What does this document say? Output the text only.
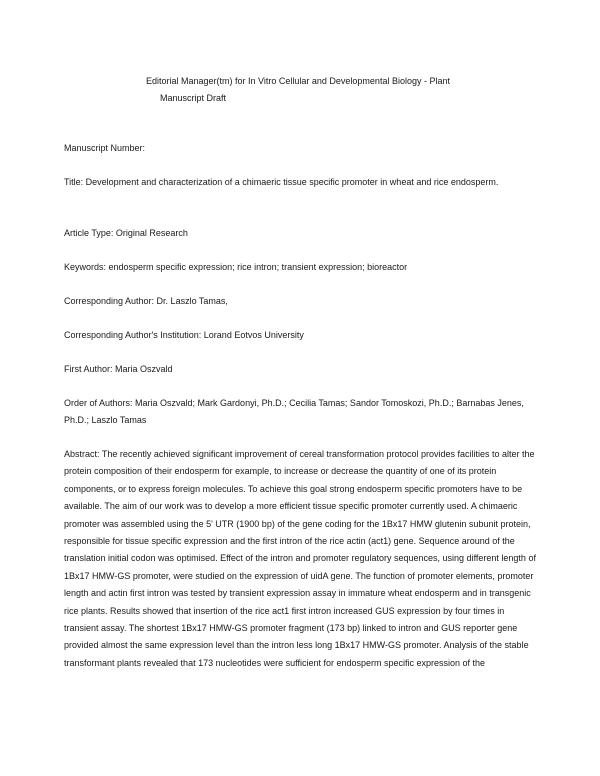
Editorial Manager(tm) for In Vitro Cellular and Developmental Biology - Plant
Manuscript Draft
Manuscript Number:
Title: Development and characterization of a chimaeric tissue specific promoter in wheat and rice endosperm.
Article Type: Original Research
Keywords: endosperm specific expression; rice intron; transient expression; bioreactor
Corresponding Author: Dr. Laszlo Tamas,
Corresponding Author's Institution: Lorand Eotvos University
First Author: Maria Oszvald
Order of Authors: Maria Oszvald; Mark Gardonyi, Ph.D.; Cecilia Tamas; Sandor Tomoskozi, Ph.D.; Barnabas Jenes, Ph.D.; Laszlo Tamas
Abstract: The recently achieved significant improvement of cereal transformation protocol provides facilities to alter the protein composition of their endosperm for example, to increase or decrease the quantity of one of its protein components, or to express foreign molecules. To achieve this goal strong endosperm specific promoters have to be available. The aim of our work was to develop a more efficient tissue specific promoter currently used. A chimaeric promoter was assembled using the 5' UTR (1900 bp) of the gene coding for the 1Bx17 HMW glutenin subunit protein, responsible for tissue specific expression and the first intron of the rice actin (act1) gene. Sequence around of the translation initial codon was optimised. Effect of the intron and promoter regulatory sequences, using different length of 1Bx17 HMW-GS promoter, were studied on the expression of uidA gene. The function of promoter elements, promoter length and actin first intron was tested by transient expression assay in immature wheat endosperm and in transgenic rice plants. Results showed that insertion of the rice act1 first intron increased GUS expression by four times in transient assay. The shortest 1Bx17 HMW-GS promoter fragment (173 bp) linked to intron and GUS reporter gene provided almost the same expression level than the intron less long 1Bx17 HMW-GS promoter. Analysis of the stable transformant plants revealed that 173 nucleotides were sufficient for endosperm specific expression of the
